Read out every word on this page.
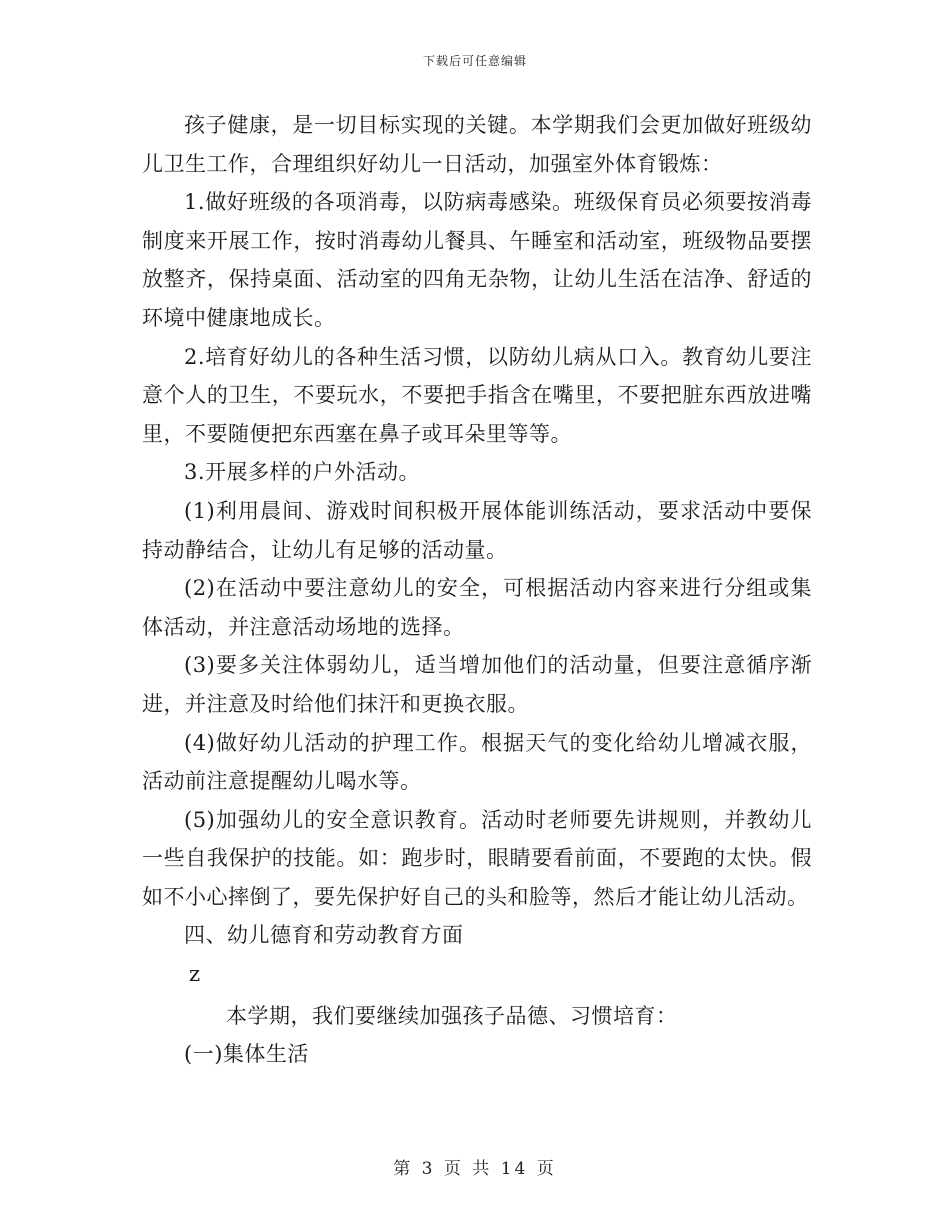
下载后可任意编辑

孩子健康，是一切目标实现的关键。本学期我们会更加做好班级幼儿卫生工作，合理组织好幼儿一日活动，加强室外体育锻炼：

1.做好班级的各项消毒，以防病毒感染。班级保育员必须要按消毒制度来开展工作，按时消毒幼儿餐具、午睡室和活动室，班级物品要摆放整齐，保持桌面、活动室的四角无杂物，让幼儿生活在洁净、舒适的环境中健康地成长。

2.培育好幼儿的各种生活习惯，以防幼儿病从口入。教育幼儿要注意个人的卫生，不要玩水，不要把手指含在嘴里，不要把脏东西放进嘴里，不要随便把东西塞在鼻子或耳朵里等等。

3.开展多样的户外活动。

(1)利用晨间、游戏时间积极开展体能训练活动，要求活动中要保持动静结合，让幼儿有足够的活动量。

(2)在活动中要注意幼儿的安全，可根据活动内容来进行分组或集体活动，并注意活动场地的选择。

(3)要多关注体弱幼儿，适当增加他们的活动量，但要注意循序渐进，并注意及时给他们抹汗和更换衣服。

(4)做好幼儿活动的护理工作。根据天气的变化给幼儿增减衣服，活动前注意提醒幼儿喝水等。

(5)加强幼儿的安全意识教育。活动时老师要先讲规则，并教幼儿一些自我保护的技能。如：跑步时，眼睛要看前面，不要跑的太快。假如不小心摔倒了，要先保护好自己的头和脸等，然后才能让幼儿活动。

四、幼儿德育和劳动教育方面

z

本学期，我们要继续加强孩子品德、习惯培育：

(一)集体生活

第 3 页 共 14 页
